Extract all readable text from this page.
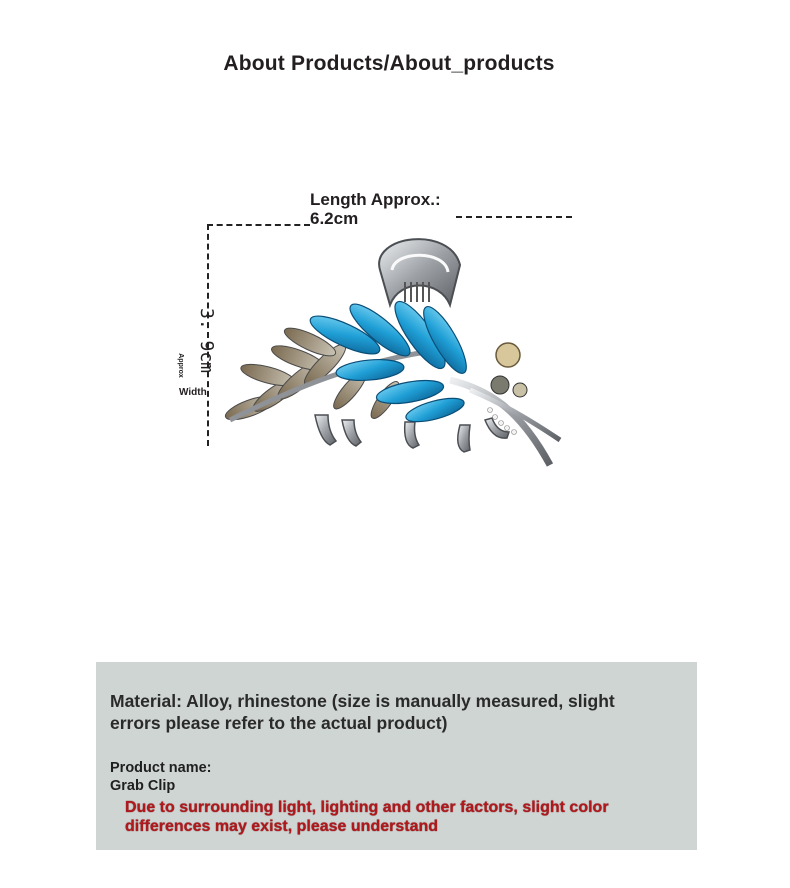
About Products/About_products
Length Approx.:
6.2cm
3. 9cm
Approx
Width
Material: Alloy, rhinestone (size is manually measured, slight errors please refer to the actual product)
Product name:
Grab Clip
Due to surrounding light, lighting and other factors, slight color differences may exist, please understand
